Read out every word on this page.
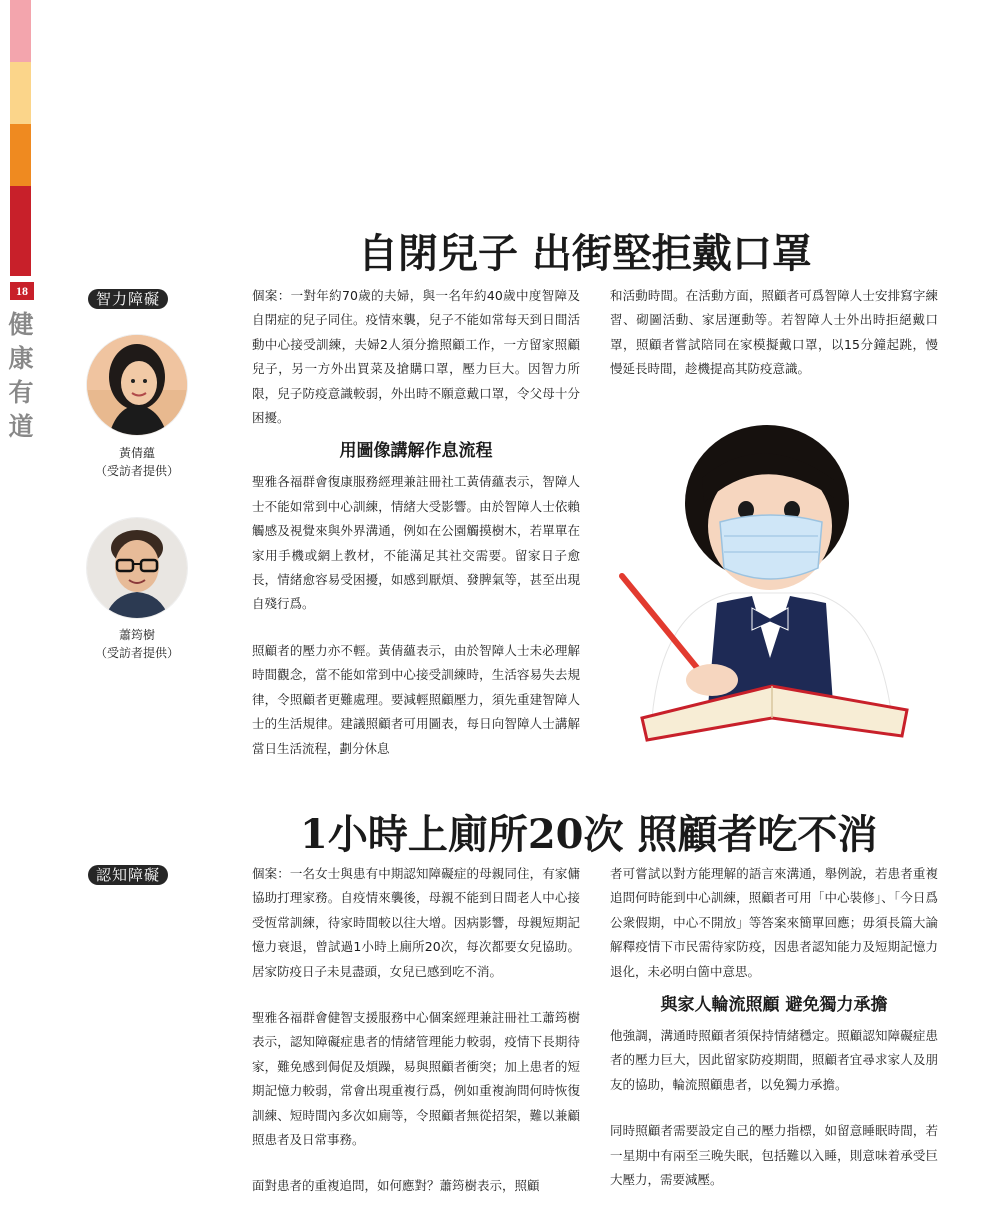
18
健
康
有
道
自閉兒子 出街堅拒戴口罩
智力障礙
黃倩蘊
（受訪者提供）
蕭筠樹
（受訪者提供）

個案：一對年約70歲的夫婦，與一名年約40歲中度智障及自閉症的兒子同住。疫情來襲，兒子不能如常每天到日間活動中心接受訓練，夫婦2人須分擔照顧工作，一方留家照顧兒子，另一方外出買菜及搶購口罩，壓力巨大。因智力所限，兒子防疫意識較弱，外出時不願意戴口罩，令父母十分困擾。

用圖像講解作息流程

聖雅各福群會復康服務經理兼註冊社工黃倩蘊表示，智障人士不能如常到中心訓練，情緒大受影響。由於智障人士依賴觸感及視覺來與外界溝通，例如在公園觸摸樹木，若單單在家用手機或網上教材，不能滿足其社交需要。留家日子愈長，情緒愈容易受困擾，如感到厭煩、發脾氣等，甚至出現自殘行爲。

照顧者的壓力亦不輕。黃倩蘊表示，由於智障人士未必理解時間觀念，當不能如常到中心接受訓練時，生活容易失去規律，令照顧者更難處理。要減輕照顧壓力，須先重建智障人士的生活規律。建議照顧者可用圖表，每日向智障人士講解當日生活流程，劃分休息

和活動時間。在活動方面，照顧者可爲智障人士安排寫字練習、砌圖活動、家居運動等。若智障人士外出時拒絕戴口罩，照顧者嘗試陪同在家模擬戴口罩，以15分鐘起跳，慢慢延長時間，趁機提高其防疫意識。

1小時上廁所20次 照顧者吃不消
認知障礙	個案：一名女士與患有中期認知障礙症的母親同住，有家傭協助打理家務。自疫情來襲後，母親不能到日間老人中心接受恆常訓練，待家時間較以往大增。因病影響，母親短期記憶力衰退，曾試過1小時上廁所20次，每次都要女兒協助。居家防疫日子未見盡頭，女兒已感到吃不消。

聖雅各福群會健智支援服務中心個案經理兼註冊社工蕭筠樹表示，認知障礙症患者的情緒管理能力較弱，疫情下長期待家，難免感到侷促及煩躁，易與照顧者衝突；加上患者的短期記憶力較弱，常會出現重複行爲，例如重複詢問何時恢復訓練、短時間內多次如廁等，令照顧者無從招架，難以兼顧照患者及日常事務。

面對患者的重複追問，如何應對？蕭筠樹表示，照顧

者可嘗試以對方能理解的語言來溝通，舉例說，若患者重複追問何時能到中心訓練，照顧者可用「中心裝修」、「今日爲公衆假期，中心不開放」等答案來簡單回應；毋須長篇大論解釋疫情下市民需待家防疫，因患者認知能力及短期記憶力退化，未必明白箇中意思。

與家人輪流照顧 避免獨力承擔

他強調，溝通時照顧者須保持情緒穩定。照顧認知障礙症患者的壓力巨大，因此留家防疫期間，照顧者宜尋求家人及朋友的協助，輪流照顧患者，以免獨力承擔。

同時照顧者需要設定自己的壓力指標，如留意睡眠時間，若一星期中有兩至三晚失眠，包括難以入睡，則意味着承受巨大壓力，需要減壓。
